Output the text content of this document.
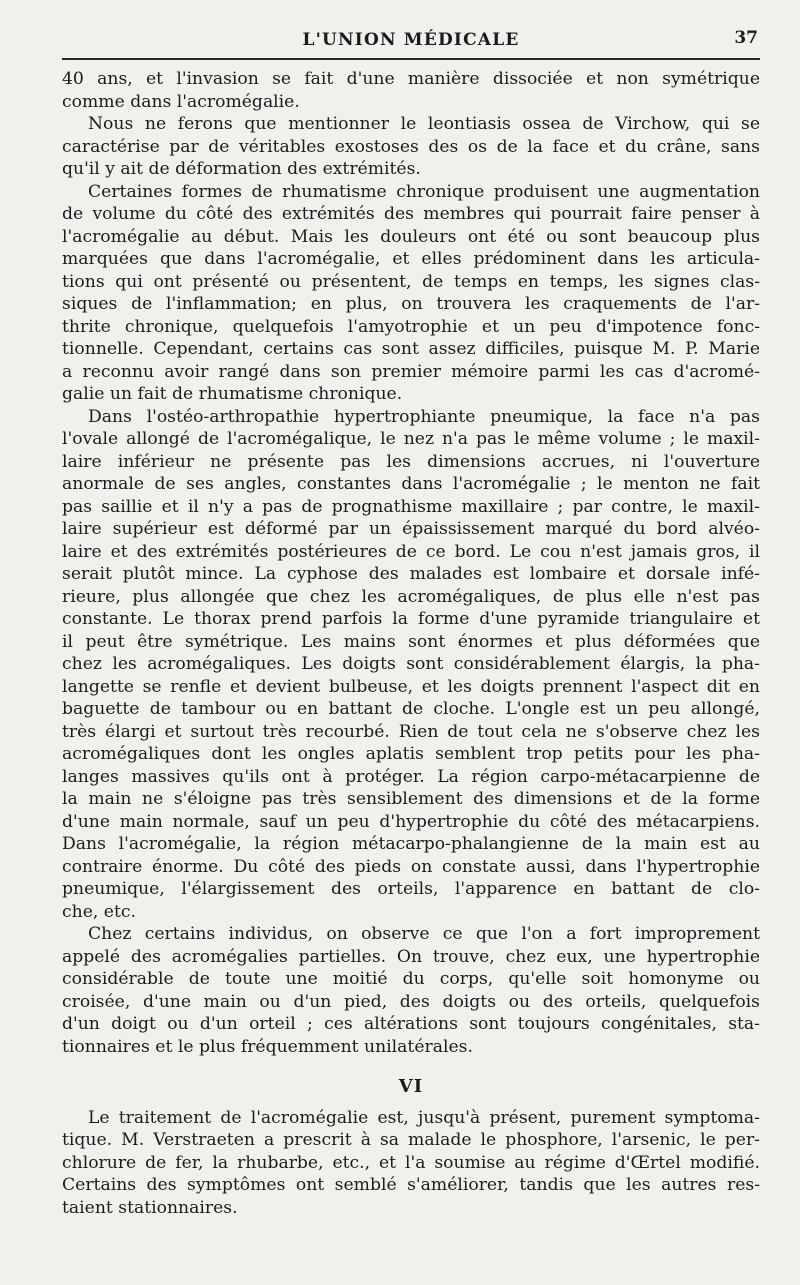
L'UNION MÉDICALE	37
40 ans, et l'invasion se fait d'une manière dissociée et non symétrique
comme dans l'acromégalie.
Nous ne ferons que mentionner le leontiasis ossea de Virchow, qui se
caractérise par de véritables exostoses des os de la face et du crâne, sans
qu'il y ait de déformation des extrémités.
Certaines formes de rhumatisme chronique produisent une augmentation
de volume du côté des extrémités des membres qui pourrait faire penser à
l'acromégalie au début. Mais les douleurs ont été ou sont beaucoup plus
marquées que dans l'acromégalie, et elles prédominent dans les articula-
tions qui ont présenté ou présentent, de temps en temps, les signes clas-
siques de l'inflammation; en plus, on trouvera les craquements de l'ar-
thrite chronique, quelquefois l'amyotrophie et un peu d'impotence fonc-
tionnelle. Cependant, certains cas sont assez difficiles, puisque M. P. Marie
a reconnu avoir rangé dans son premier mémoire parmi les cas d'acromé-
galie un fait de rhumatisme chronique.
Dans l'ostéo-arthropathie hypertrophiante pneumique, la face n'a pas
l'ovale allongé de l'acromégalique, le nez n'a pas le même volume ; le maxil-
laire inférieur ne présente pas les dimensions accrues, ni l'ouverture
anormale de ses angles, constantes dans l'acromégalie ; le menton ne fait
pas saillie et il n'y a pas de prognathisme maxillaire ; par contre, le maxil-
laire supérieur est déformé par un épaississement marqué du bord alvéo-
laire et des extrémités postérieures de ce bord. Le cou n'est jamais gros, il
serait plutôt mince. La cyphose des malades est lombaire et dorsale infé-
rieure, plus allongée que chez les acromégaliques, de plus elle n'est pas
constante. Le thorax prend parfois la forme d'une pyramide triangulaire et
il peut être symétrique. Les mains sont énormes et plus déformées que
chez les acromégaliques. Les doigts sont considérablement élargis, la pha-
langette se renfle et devient bulbeuse, et les doigts prennent l'aspect dit en
baguette de tambour ou en battant de cloche. L'ongle est un peu allongé,
très élargi et surtout très recourbé. Rien de tout cela ne s'observe chez les
acromégaliques dont les ongles aplatis semblent trop petits pour les pha-
langes massives qu'ils ont à protéger. La région carpo-métacarpienne de
la main ne s'éloigne pas très sensiblement des dimensions et de la forme
d'une main normale, sauf un peu d'hypertrophie du côté des métacarpiens.
Dans l'acromégalie, la région métacarpo-phalangienne de la main est au
contraire énorme. Du côté des pieds on constate aussi, dans l'hypertrophie
pneumique, l'élargissement des orteils, l'apparence en battant de clo-
che, etc.
Chez certains individus, on observe ce que l'on a fort improprement
appelé des acromégalies partielles. On trouve, chez eux, une hypertrophie
considérable de toute une moitié du corps, qu'elle soit homonyme ou
croisée, d'une main ou d'un pied, des doigts ou des orteils, quelquefois
d'un doigt ou d'un orteil ; ces altérations sont toujours congénitales, sta-
tionnaires et le plus fréquemment unilatérales.
VI
Le traitement de l'acromégalie est, jusqu'à présent, purement symptoma-
tique. M. Verstraeten a prescrit à sa malade le phosphore, l'arsenic, le per-
chlorure de fer, la rhubarbe, etc., et l'a soumise au régime d'Œrtel modifié.
Certains des symptômes ont semblé s'améliorer, tandis que les autres res-
taient stationnaires.
